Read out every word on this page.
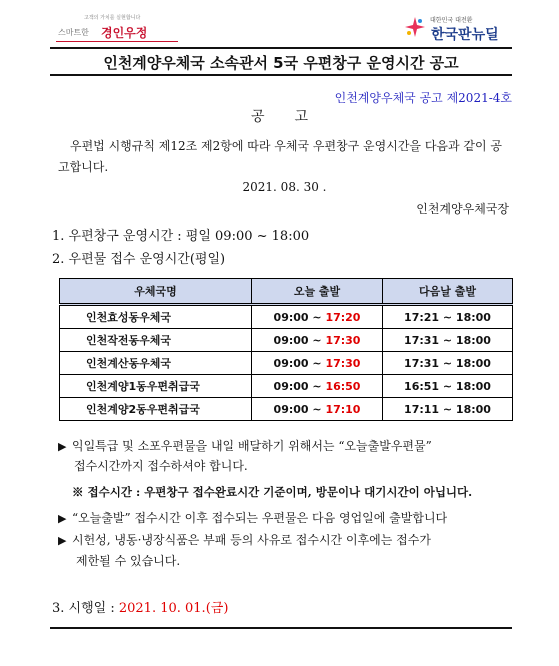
고객의 가치를 실현합니다
스마트한 경인우정
대한민국 대전환
한국판뉴딜
인천계양우체국 소속관서 5국 우편창구 운영시간 공고
인천계양우체국 공고 제2021-4호
공고
우편법 시행규칙 제12조 제2항에 따라 우체국 우편창구 운영시간을 다음과 같이 공고합니다.
2021. 08. 30 .
인천계양우체국장
1. 우편창구 운영시간 : 평일 09:00 ~ 18:00
2. 우편물 접수 운영시간(평일)
우체국명	오늘 출발	다음날 출발
인천효성동우체국	09:00 ~ 17:20	17:21 ~ 18:00
인천작전동우체국	09:00 ~ 17:30	17:31 ~ 18:00
인천계산동우체국	09:00 ~ 17:30	17:31 ~ 18:00
인천계양1동우편취급국	09:00 ~ 16:50	16:51 ~ 18:00
인천계양2동우편취급국	09:00 ~ 17:10	17:11 ~ 18:00
▶ 익일특급 및 소포우편물을 내일 배달하기 위해서는 “오늘출발우편물”
접수시간까지 접수하셔야 합니다.
※ 접수시간 : 우편창구 접수완료시간 기준이며, 방문이나 대기시간이 아닙니다.
▶ “오늘출발” 접수시간 이후 접수되는 우편물은 다음 영업일에 출발합니다
▶ 시헌성, 냉동·냉장식품은 부패 등의 사유로 접수시간 이후에는 접수가
제한될 수 있습니다.
3. 시행일 : 2021. 10. 01.(금)
